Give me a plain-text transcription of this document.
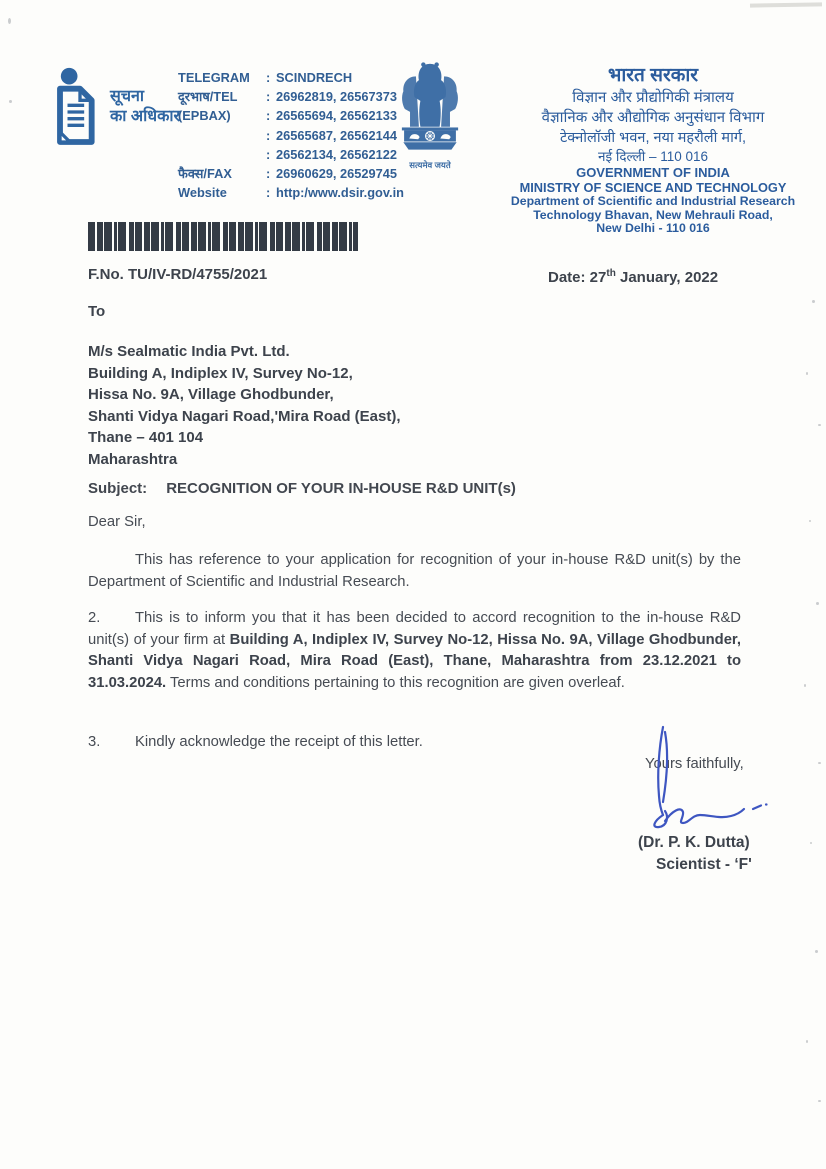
सूचना
का अधिकार
TELEGRAM	: SCINDRECH
दूरभाष/TEL	: 26962819, 26567373
(EPBAX)	: 26565694, 26562133
: 26565687, 26562144
: 26562134, 26562122
फैक्स/FAX	: 26960629, 26529745
Website	: http:/www.dsir.gov.in
सत्यमेव जयते
भारत सरकार
विज्ञान और प्रौद्योगिकी मंत्रालय
वैज्ञानिक और औद्योगिक अनुसंधान विभाग
टेक्नोलॉजी भवन, नया महरौली मार्ग,
नई दिल्ली – 110 016
GOVERNMENT OF INDIA
MINISTRY OF SCIENCE AND TECHNOLOGY
Department of Scientific and Industrial Research
Technology Bhavan, New Mehrauli Road,
New Delhi - 110 016
F.No. TU/IV-RD/4755/2021	Date: 27th January, 2022
To
M/s Sealmatic India Pvt. Ltd.
Building A, Indiplex IV, Survey No-12,
Hissa No. 9A, Village Ghodbunder,
Shanti Vidya Nagari Road,'Mira Road (East),
Thane – 401 104
Maharashtra
Subject: RECOGNITION OF YOUR IN-HOUSE R&D UNIT(s)
Dear Sir,
This has reference to your application for recognition of your in-house R&D unit(s) by the Department of Scientific and Industrial Research.
2. This is to inform you that it has been decided to accord recognition to the in-house R&D unit(s) of your firm at Building A, Indiplex IV, Survey No-12, Hissa No. 9A, Village Ghodbunder, Shanti Vidya Nagari Road, Mira Road (East), Thane, Maharashtra from 23.12.2021 to 31.03.2024. Terms and conditions pertaining to this recognition are given overleaf.
3. Kindly acknowledge the receipt of this letter.
Yours faithfully,
(Dr. P. K. Dutta)
Scientist - ‘F'
